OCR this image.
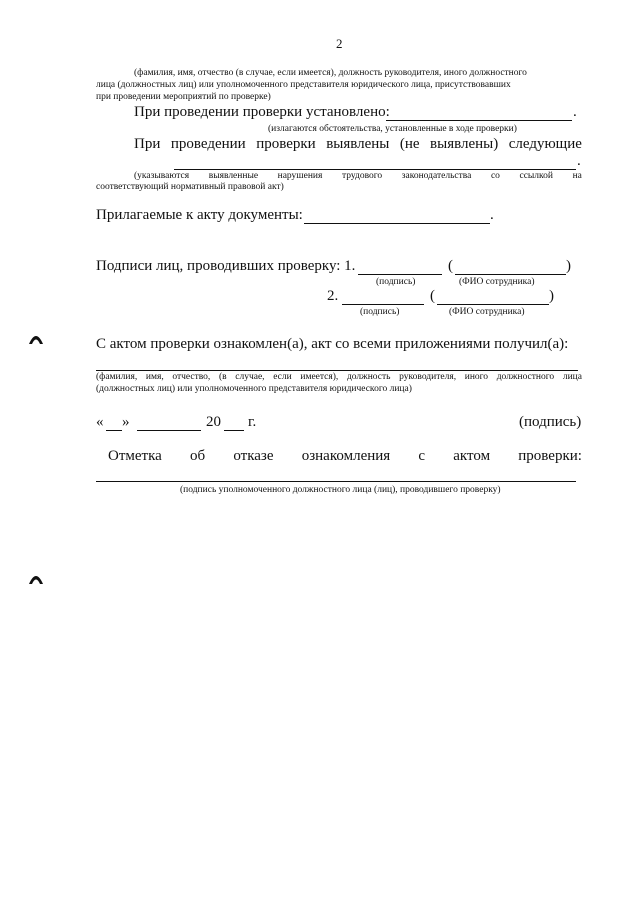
2
(фамилия, имя, отчество (в случае, если имеется), должность руководителя, иного должностного
лица (должностных лиц) или уполномоченного представителя юридического лица, присутствовавших
при проведении мероприятий по проверке)
При проведении проверки установлено:	.
(излагаются обстоятельства, установленные в ходе проверки)
При проведении проверки выявлены (не выявлены) следующие
.
(указываются выявленные нарушения трудового законодательства со ссылкой на
соответствующий нормативный правовой акт)
Прилагаемые к акту документы:	.
Подписи лиц, проводивших проверку: 1.	(	)
(подпись)	(ФИО сотрудника)
2.	(	)
(подпись)	(ФИО сотрудника)
С актом проверки ознакомлен(а), акт со всеми приложениями получил(а):
(фамилия, имя, отчество, (в случае, если имеется), должность руководителя, иного должностного лица
(должностных лиц) или уполномоченного представителя юридического лица)
« »	20 г.	(подпись)
Отметка об отказе ознакомления с актом проверки:
(подпись уполномоченного должностного лица (лиц), проводившего проверку)
